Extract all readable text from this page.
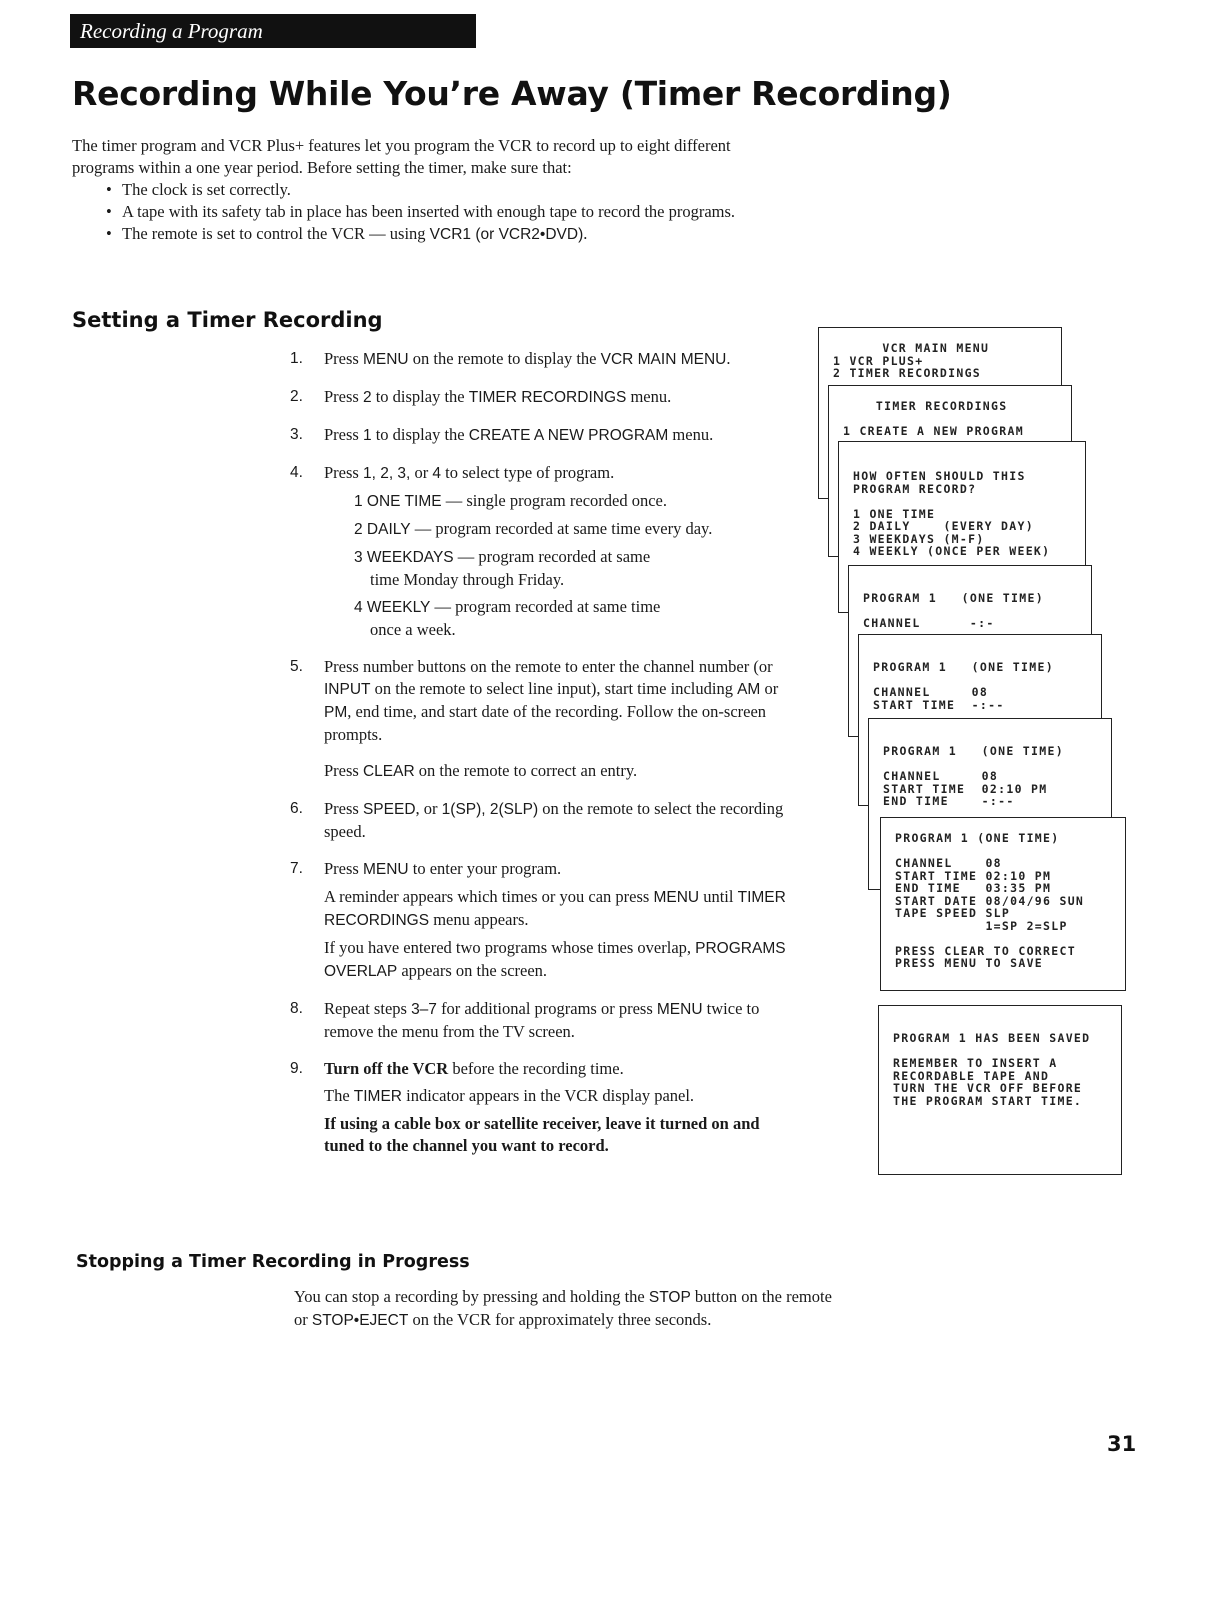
Recording a Program
Recording While You’re Away (Timer Recording)

The timer program and VCR Plus+ features let you program the VCR to record up to eight different programs within a one year period. Before setting the timer, make sure that:

• The clock is set correctly.
• A tape with its safety tab in place has been inserted with enough tape to record the programs.
• The remote is set to control the VCR — using VCR1 (or VCR2•DVD).
Setting a Timer Recording
1. Press MENU on the remote to display the VCR MAIN MENU.
2. Press 2 to display the TIMER RECORDINGS menu.
3. Press 1 to display the CREATE A NEW PROGRAM menu.
4. Press 1, 2, 3, or 4 to select type of program.
1 ONE TIME — single program recorded once.
2 DAILY — program recorded at same time every day.
3 WEEKDAYS — program recorded at same
time Monday through Friday.
4 WEEKLY — program recorded at same time
once a week.
5. Press number buttons on the remote to enter the channel number (or INPUT on the remote to select line input), start time including AM or PM, end time, and start date of the recording. Follow the on-screen prompts.

Press CLEAR on the remote to correct an entry.

6. Press SPEED, or 1(SP), 2(SLP) on the remote to select the recording speed.
7. Press MENU to enter your program.

A reminder appears which times or you can press MENU until TIMER RECORDINGS menu appears.

If you have entered two programs whose times overlap, PROGRAMS OVERLAP appears on the screen.

8. Repeat steps 3–7 for additional programs or press MENU twice to remove the menu from the TV screen.
9. Turn off the VCR before the recording time.

The TIMER indicator appears in the VCR display panel.

If using a cable box or satellite receiver, leave it turned on and tuned to the channel you want to record.

VCR MAIN MENU
1 VCR PLUS+
2 TIMER RECORDINGS
TIMER RECORDINGS

1 CREATE A NEW PROGRAM
HOW OFTEN SHOULD THIS
PROGRAM RECORD?

1 ONE TIME
2 DAILY    (EVERY DAY)
3 WEEKDAYS (M-F)
4 WEEKLY (ONCE PER WEEK)
PROGRAM 1   (ONE TIME)

CHANNEL      -:-
PROGRAM 1   (ONE TIME)

CHANNEL     08
START TIME  -:--
PROGRAM 1   (ONE TIME)

CHANNEL     08
START TIME  02:10 PM
END TIME    -:--
PROGRAM 1 (ONE TIME)

CHANNEL    08
START TIME 02:10 PM
END TIME   03:35 PM
START DATE 08/04/96 SUN
TAPE SPEED SLP
1=SP 2=SLP

PRESS CLEAR TO CORRECT
PRESS MENU TO SAVE
PROGRAM 1 HAS BEEN SAVED

REMEMBER TO INSERT A
RECORDABLE TAPE AND
TURN THE VCR OFF BEFORE
THE PROGRAM START TIME.
Stopping a Timer Recording in Progress
You can stop a recording by pressing and holding the STOP button on the remote or STOP•EJECT on the VCR for approximately three seconds.
31
